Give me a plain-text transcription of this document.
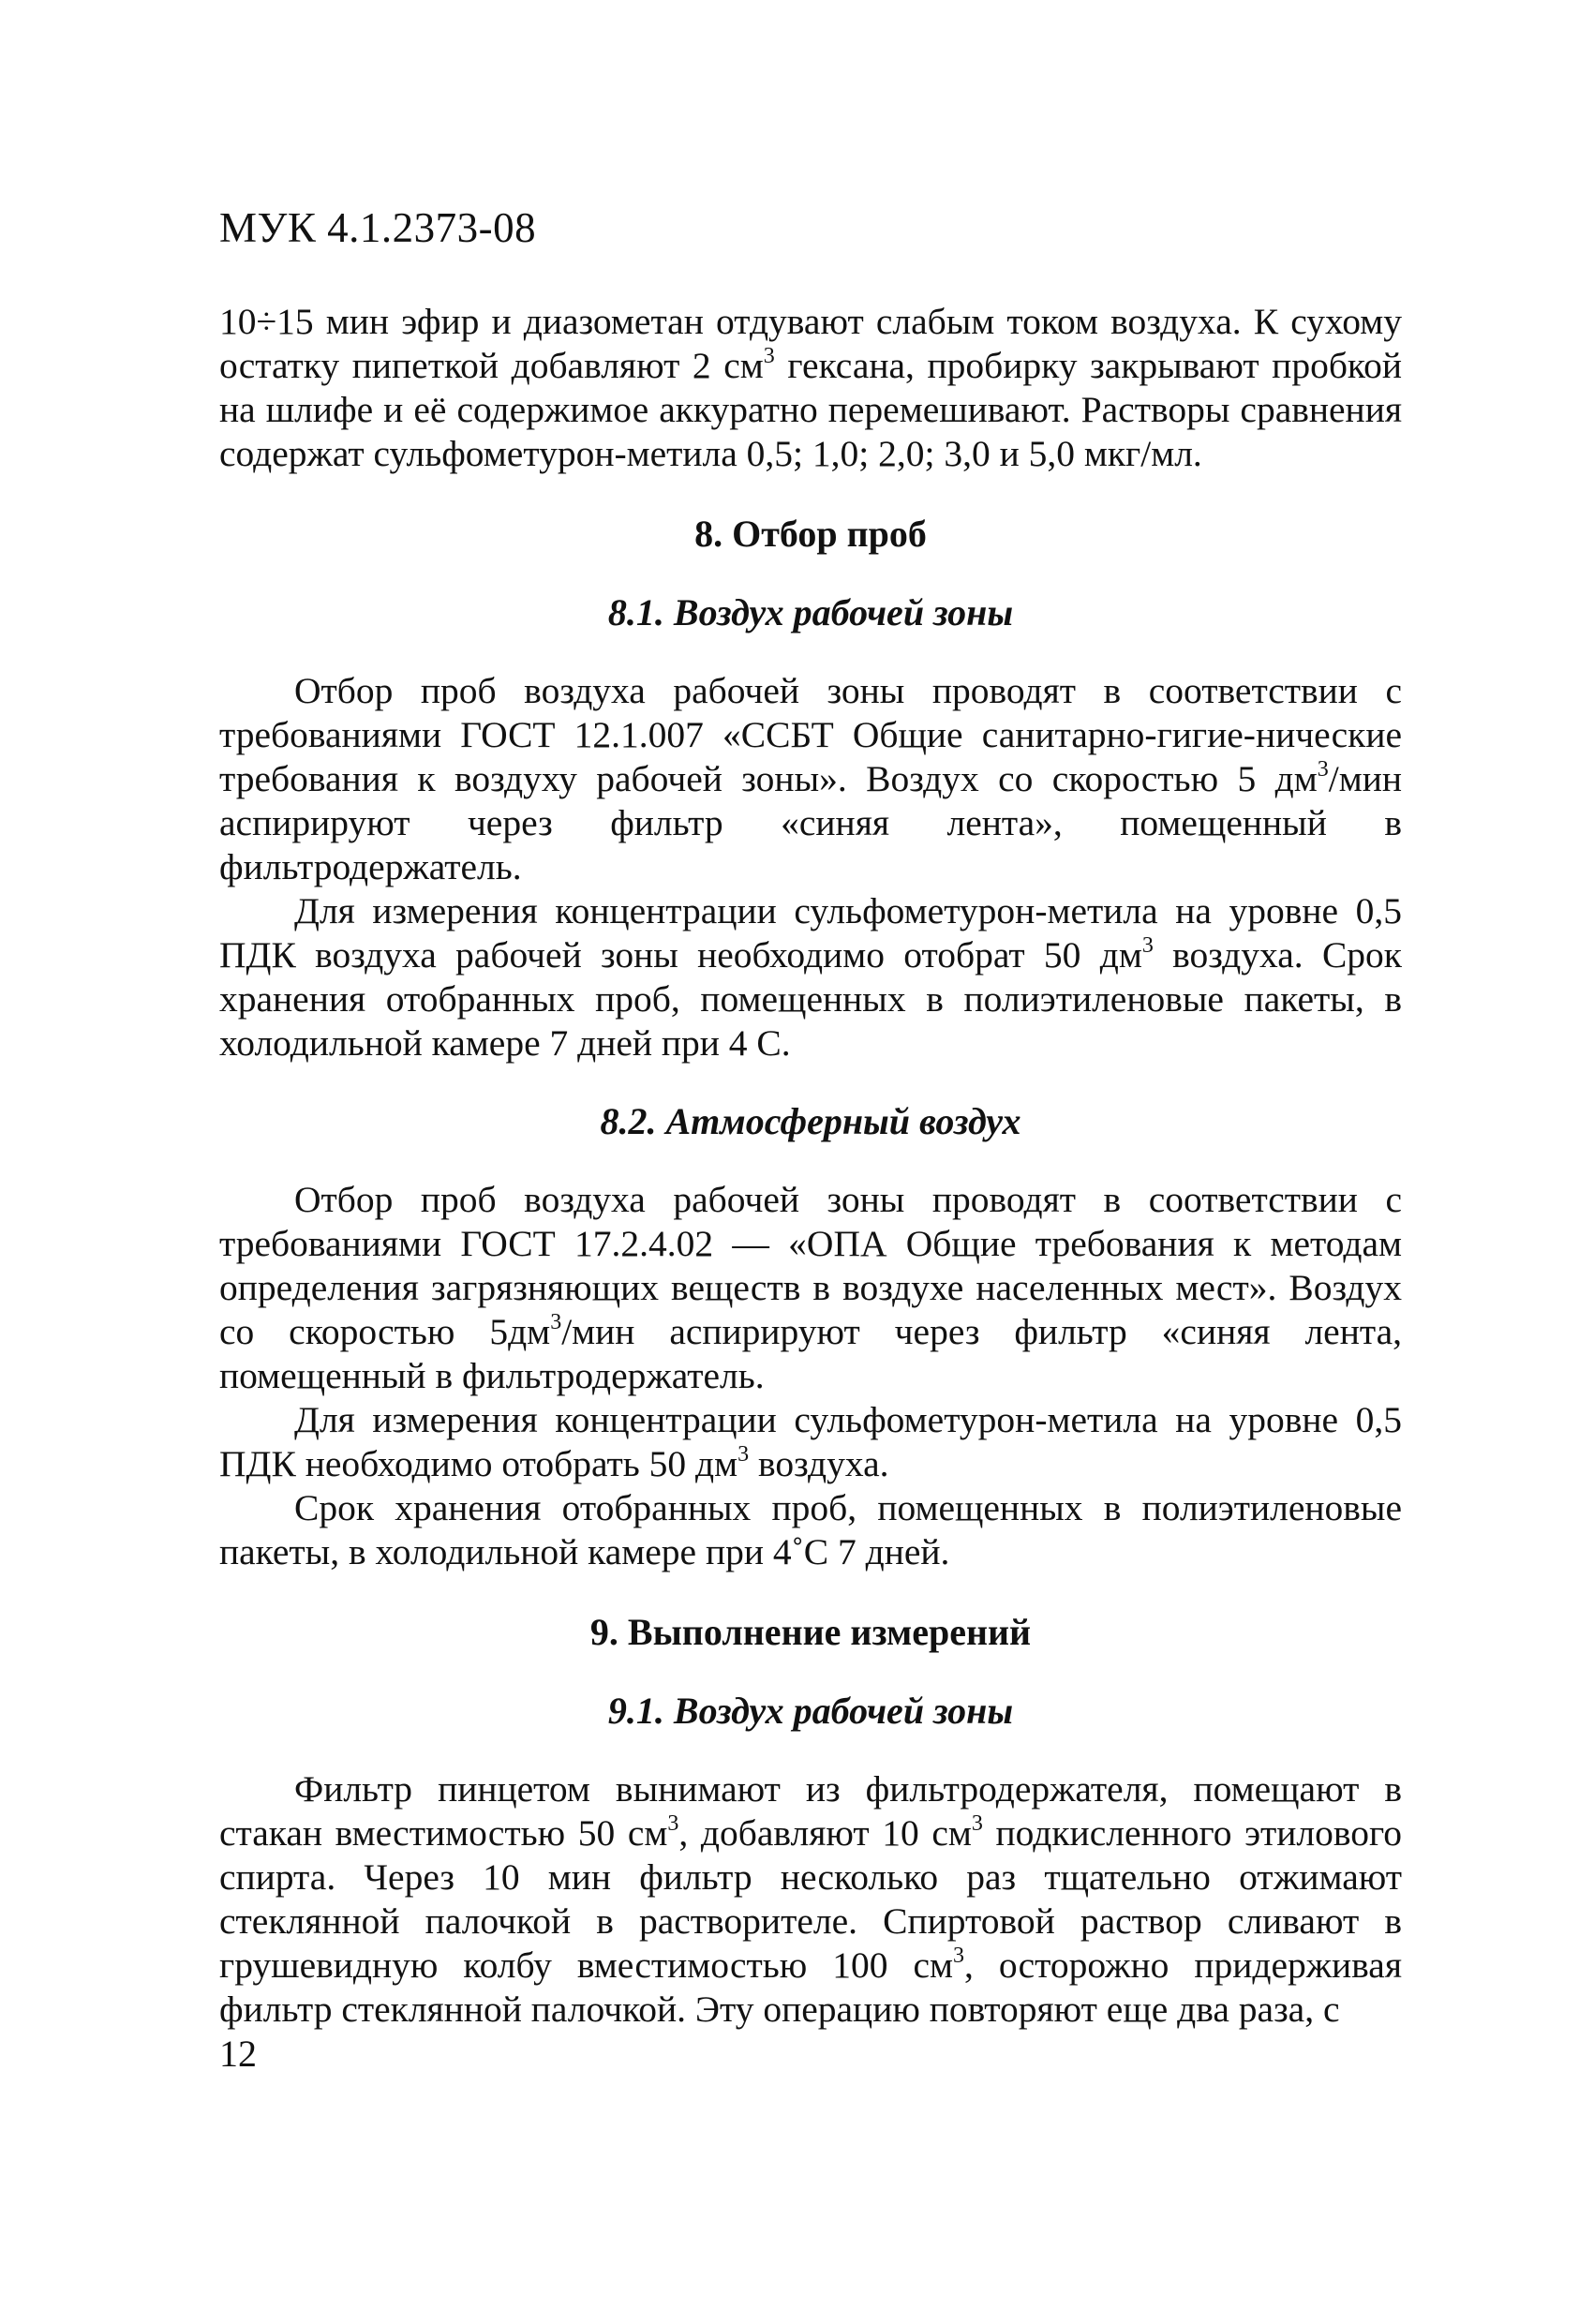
МУК 4.1.2373-08

10÷15 мин эфир и диазометан отдувают слабым током воздуха. К сухому остатку пипеткой добавляют 2 $см^3$ гексана, пробирку закрывают пробкой на шлифе и её содержимое аккуратно перемешивают. Растворы сравнения содержат сульфометурон-метила 0,5; 1,0; 2,0; 3,0 и 5,0 мкг/мл.

8. Отбор проб
8.1. Воздух рабочей зоны

Отбор проб воздуха рабочей зоны проводят в соответствии с требованиями ГОСТ 12.1.007 «ССБТ Общие санитарно-гигие-нические требования к воздуху рабочей зоны». Воздух со скоростью 5 $дм^3$/мин аспирируют через фильтр «синяя лента», помещенный в фильтродержатель.

Для измерения концентрации сульфометурон-метила на уровне 0,5 ПДК воздуха рабочей зоны необходимо отобрат 50 $дм^3$ воздуха. Срок хранения отобранных проб, помещенных в полиэтиленовые пакеты, в холодильной камере 7 дней при 4 С.

8.2. Атмосферный воздух

Отбор проб воздуха рабочей зоны проводят в соответствии с требованиями ГОСТ 17.2.4.02 — «ОПА Общие требования к методам определения загрязняющих веществ в воздухе населенных мест». Воздух со скоростью $5дм^3$/мин аспирируют через фильтр «синяя лента, помещенный в фильтродержатель.

Для измерения концентрации сульфометурон-метила на уровне 0,5 ПДК необходимо отобрать 50 $дм^3$ воздуха.

Срок хранения отобранных проб, помещенных в полиэтиленовые пакеты, в холодильной камере при 4˚С 7 дней.

9. Выполнение измерений
9.1. Воздух рабочей зоны

Фильтр пинцетом вынимают из фильтродержателя, помещают в стакан вместимостью 50 $см^3$, добавляют 10 $см^3$ подкисленного этилового спирта. Через 10 мин фильтр несколько раз тщательно отжимают стеклянной палочкой в растворителе. Спиртовой раствор сливают в грушевидную колбу вместимостью 100 $см^3$, осторожно придерживая фильтр стеклянной палочкой. Эту операцию повторяют еще два раза, с

12
